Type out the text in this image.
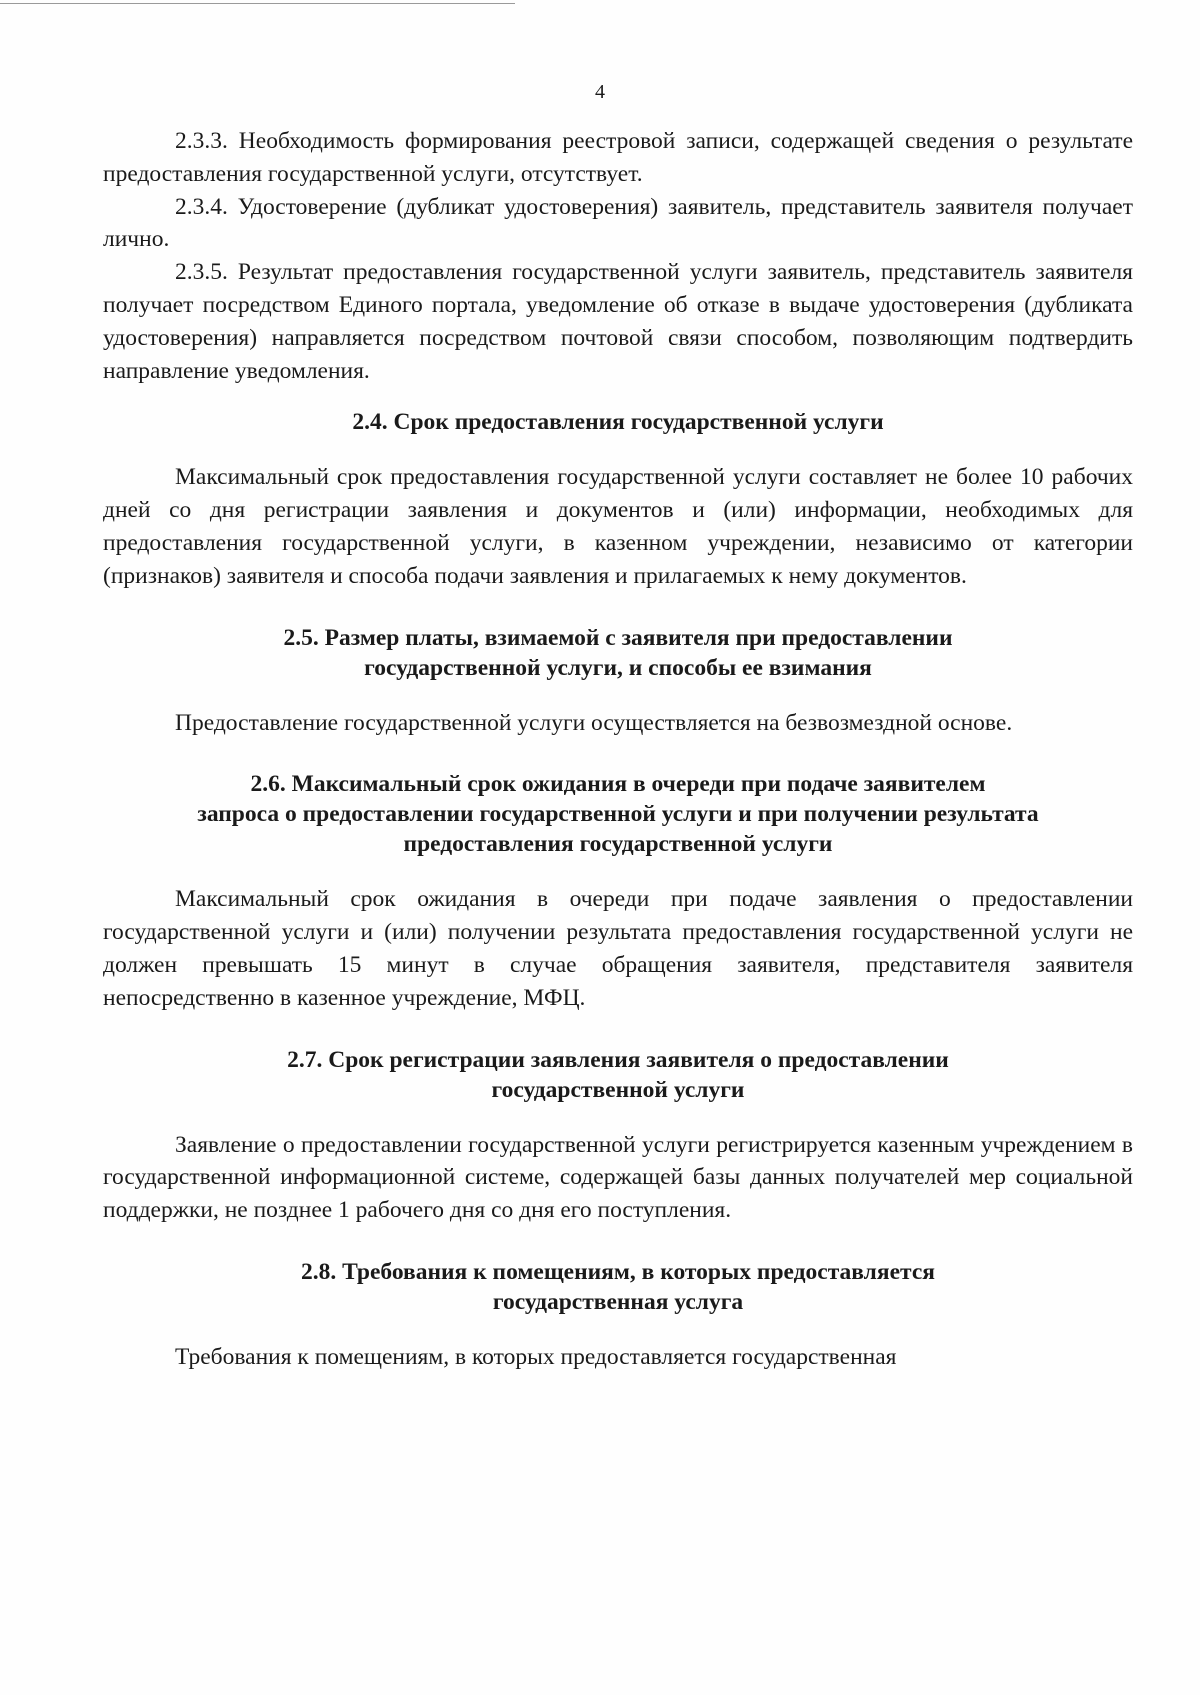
4

2.3.3. Необходимость формирования реестровой записи, содержащей сведения о результате предоставления государственной услуги, отсутствует.

2.3.4. Удостоверение (дубликат удостоверения) заявитель, представитель заявителя получает лично.

2.3.5. Результат предоставления государственной услуги заявитель, представитель заявителя получает посредством Единого портала, уведомление об отказе в выдаче удостоверения (дубликата удостоверения) направляется посредством почтовой связи способом, позволяющим подтвердить направление уведомления.

2.4. Срок предоставления государственной услуги

Максимальный срок предоставления государственной услуги составляет не более 10 рабочих дней со дня регистрации заявления и документов и (или) информации, необходимых для предоставления государственной услуги, в казенном учреждении, независимо от категории (признаков) заявителя и способа подачи заявления и прилагаемых к нему документов.

2.5. Размер платы, взимаемой с заявителя при предоставлении
государственной услуги, и способы ее взимания

Предоставление государственной услуги осуществляется на безвозмездной основе.

2.6. Максимальный срок ожидания в очереди при подаче заявителем
запроса о предоставлении государственной услуги и при получении результата
предоставления государственной услуги

Максимальный срок ожидания в очереди при подаче заявления о предоставлении государственной услуги и (или) получении результата предоставления государственной услуги не должен превышать 15 минут в случае обращения заявителя, представителя заявителя непосредственно в казенное учреждение, МФЦ.

2.7. Срок регистрации заявления заявителя о предоставлении
государственной услуги

Заявление о предоставлении государственной услуги регистрируется казенным учреждением в государственной информационной системе, содержащей базы данных получателей мер социальной поддержки, не позднее 1 рабочего дня со дня его поступления.

2.8. Требования к помещениям, в которых предоставляется
государственная услуга

Требования к помещениям, в которых предоставляется государственная
